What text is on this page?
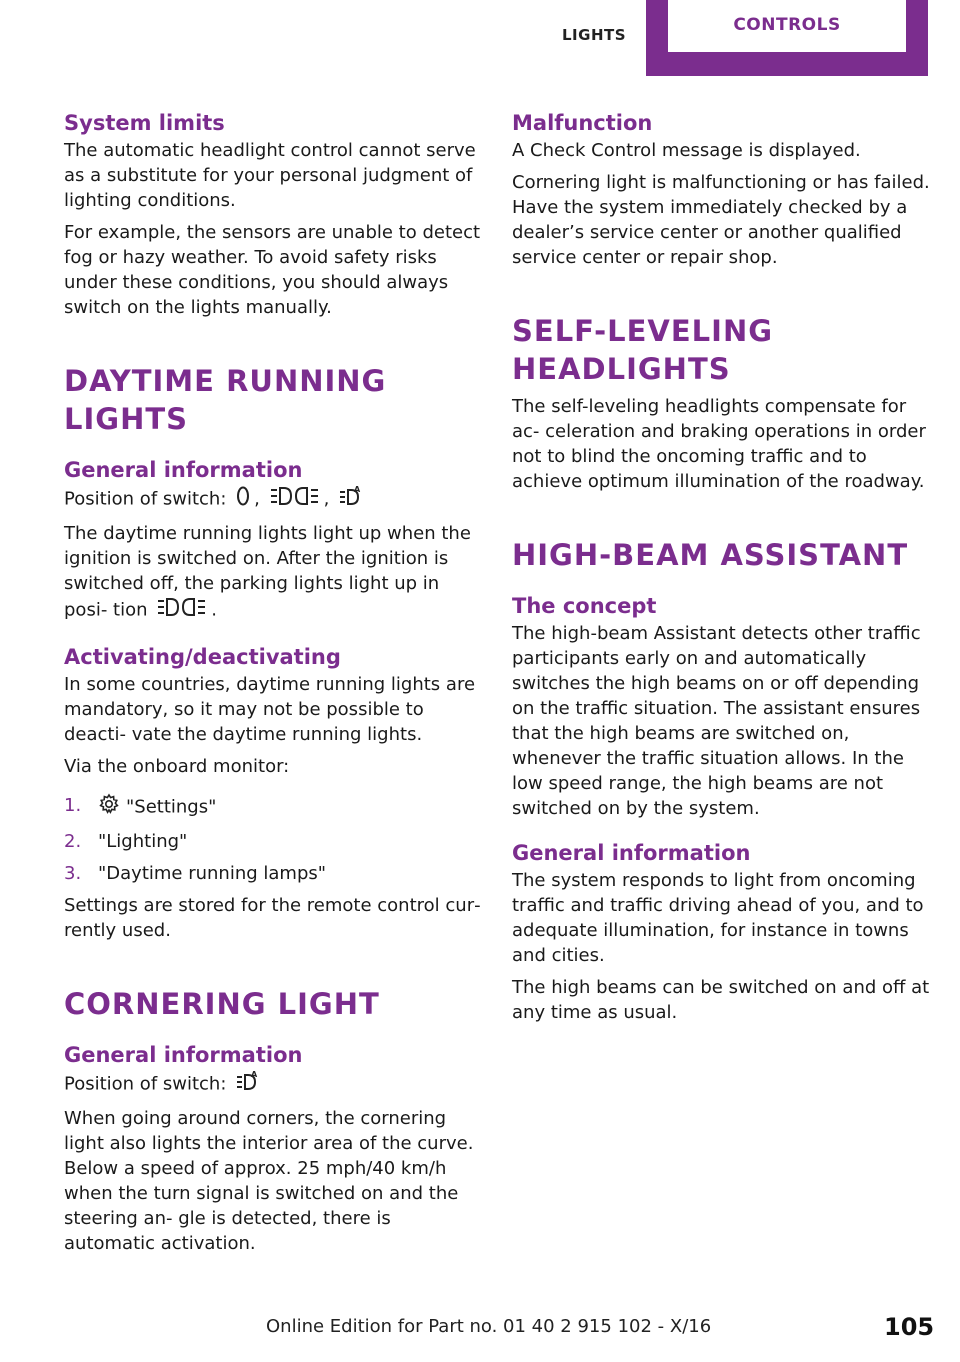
LIGHTS	CONTROLS
System limits

The automatic headlight control cannot serve as a substitute for your personal judgment of lighting conditions.

For example, the sensors are unable to detect fog or hazy weather. To avoid safety risks under these conditions, you should always switch on the lights manually.

DAYTIME RUNNING LIGHTS
General information

Position of switch: ,	,	A

The daytime running lights light up when the ignition is switched on. After the ignition is switched off, the parking lights light up in posi‐ tion	.

Activating/deactivating

In some countries, daytime running lights are mandatory, so it may not be possible to deacti‐ vate the daytime running lights.

Via the onboard monitor:

1. "Settings"
2. "Lighting"
3. "Daytime running lamps"

Settings are stored for the remote control cur‐ rently used.

CORNERING LIGHT
General information

Position of switch:	A

When going around corners, the cornering light also lights the interior area of the curve. Below a speed of approx. 25 mph/40 km/h when the turn signal is switched on and the steering an‐ gle is detected, there is automatic activation.

Malfunction

A Check Control message is displayed.

Cornering light is malfunctioning or has failed. Have the system immediately checked by a dealer’s service center or another qualified service center or repair shop.

SELF-LEVELING HEADLIGHTS

The self-leveling headlights compensate for ac‐ celeration and braking operations in order not to blind the oncoming traffic and to achieve optimum illumination of the roadway.

HIGH-BEAM ASSISTANT
The concept

The high-beam Assistant detects other traffic participants early on and automatically switches the high beams on or off depending on the traffic situation. The assistant ensures that the high beams are switched on, whenever the traffic situation allows. In the low speed range, the high beams are not switched on by the system.

General information

The system responds to light from oncoming traffic and traffic driving ahead of you, and to adequate illumination, for instance in towns and cities.

The high beams can be switched on and off at any time as usual.

Online Edition for Part no. 01 40 2 915 102 - X/16	105
